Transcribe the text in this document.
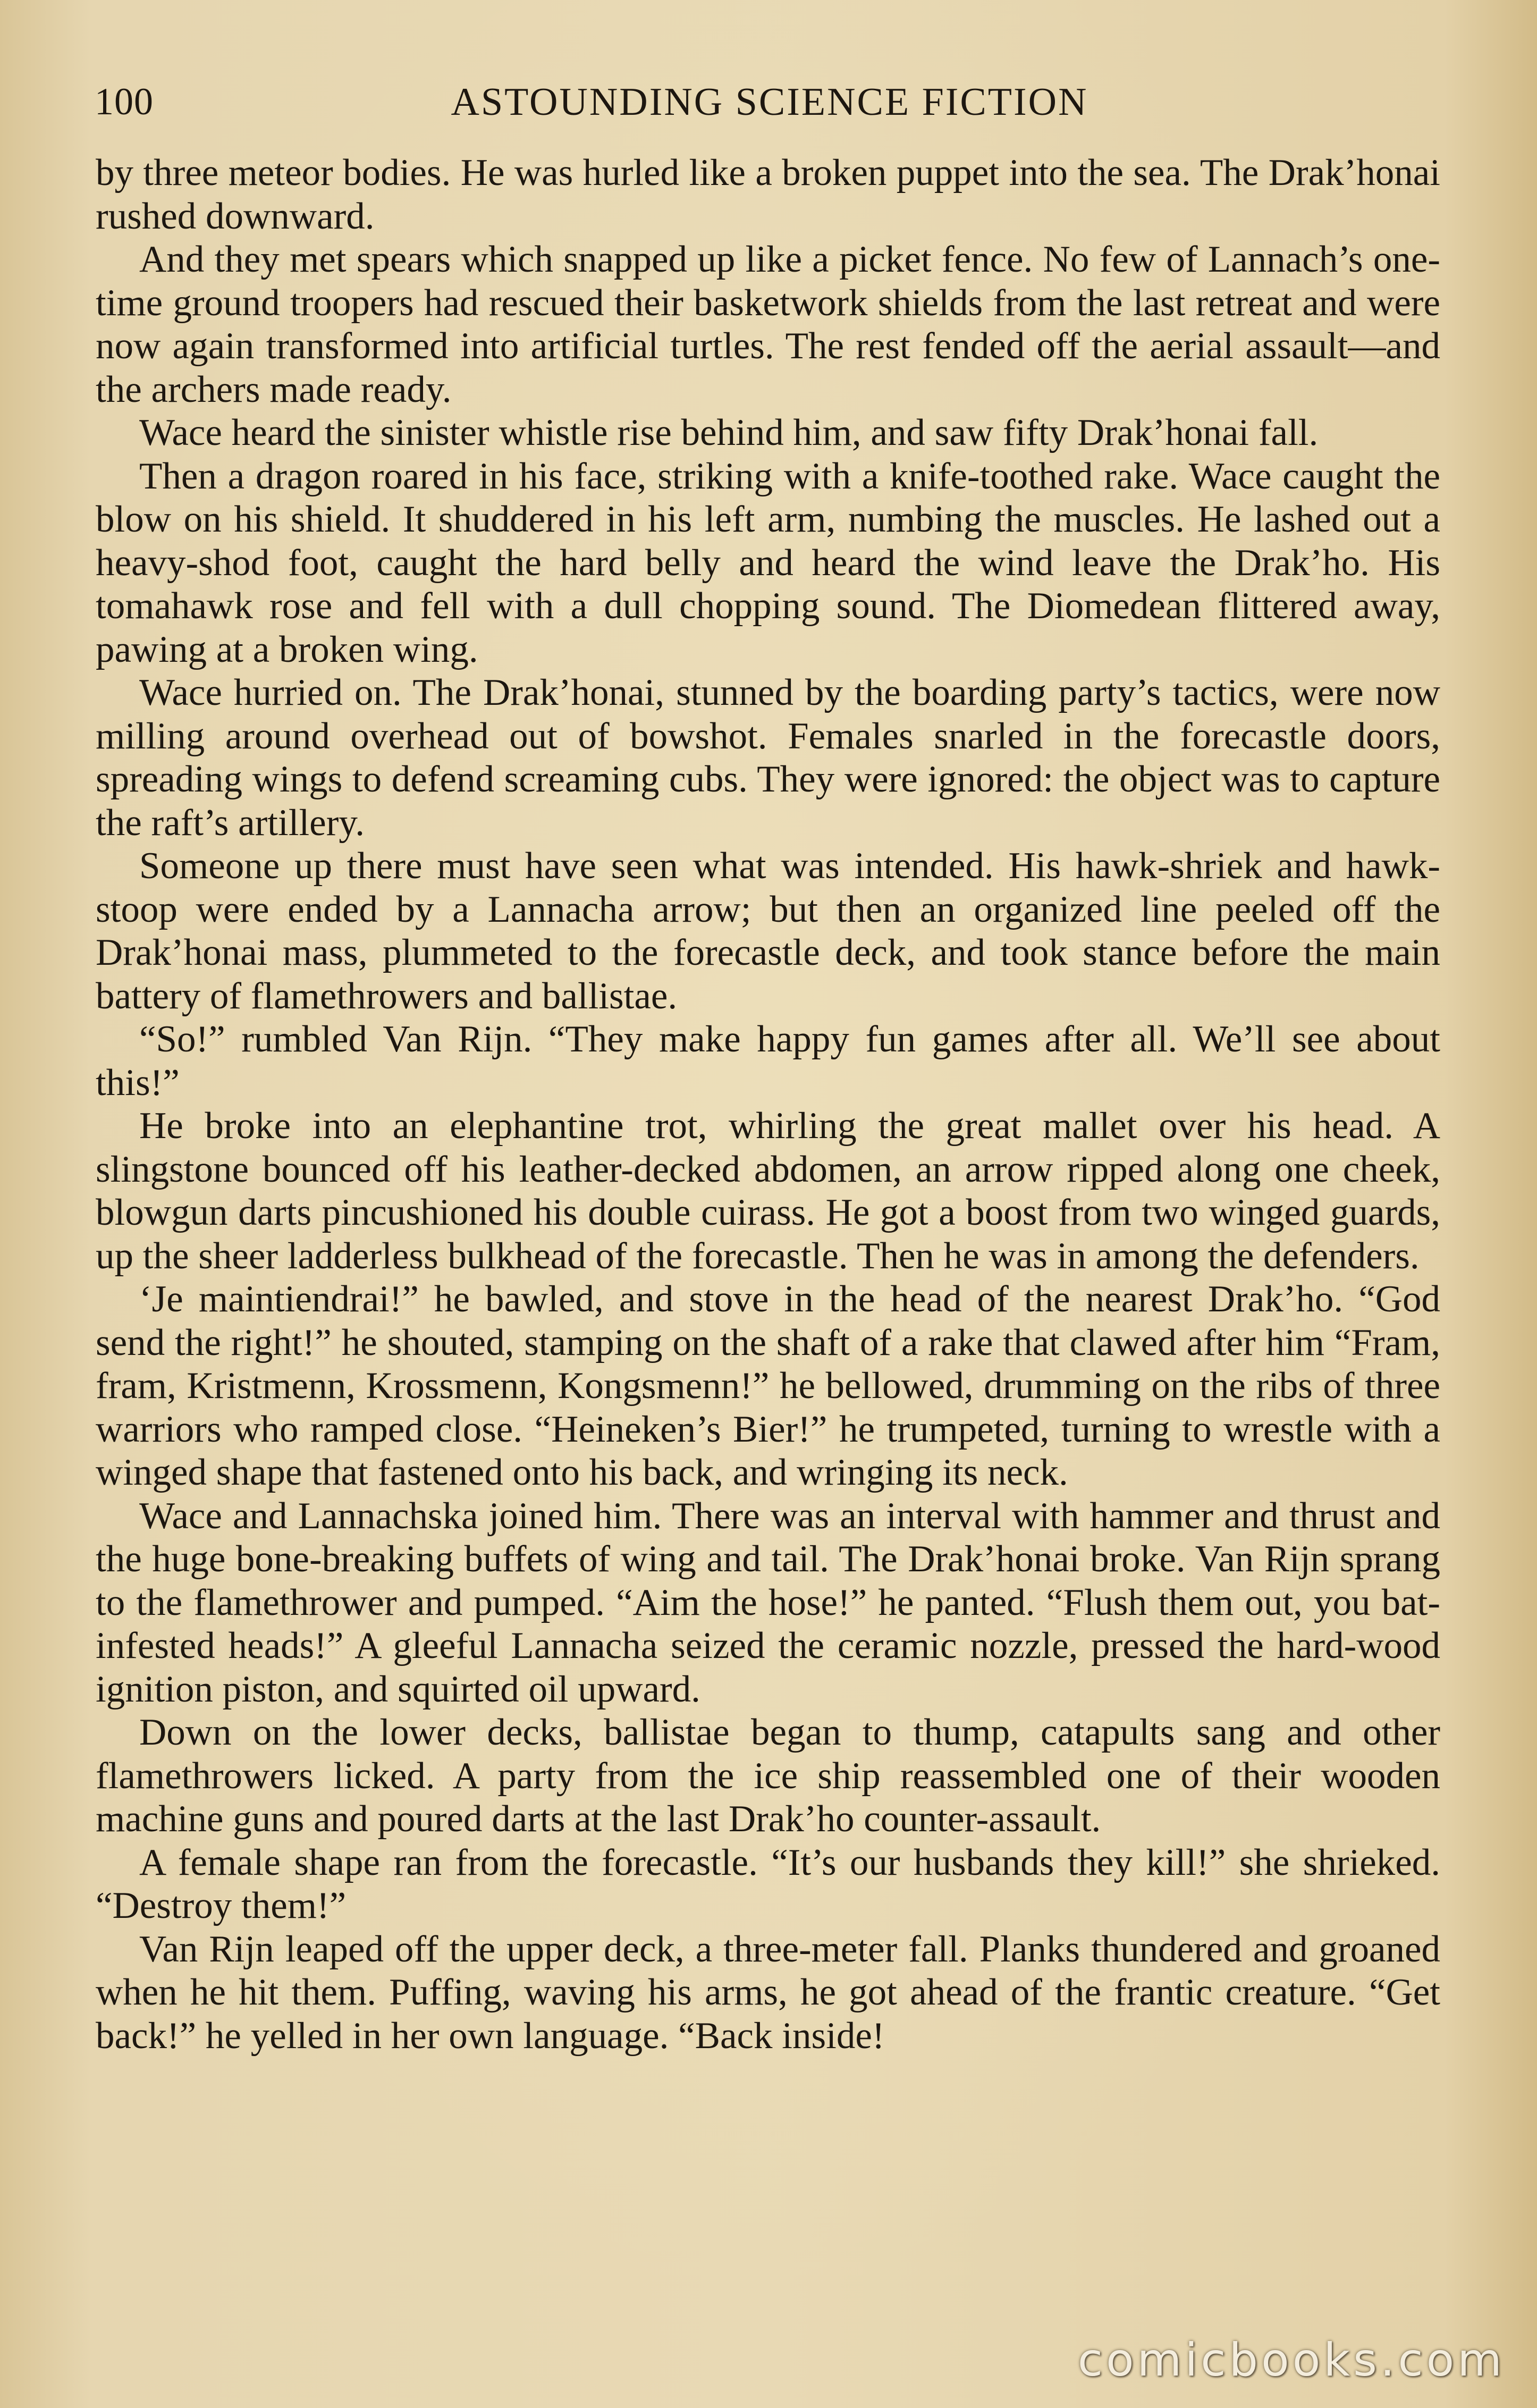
100	ASTOUNDING SCIENCE FICTION

by three meteor bodies. He was hurled like a broken puppet into the sea. The Drak’honai rushed downward.

And they met spears which snapped up like a picket fence. No few of Lannach’s one-time ground troopers had rescued their basketwork shields from the last retreat and were now again transformed into artificial turtles. The rest fended off the aerial assault—and the archers made ready.

Wace heard the sinister whistle rise behind him, and saw fifty Drak’honai fall.

Then a dragon roared in his face, striking with a knife-toothed rake. Wace caught the blow on his shield. It shuddered in his left arm, numbing the muscles. He lashed out a heavy-shod foot, caught the hard belly and heard the wind leave the Drak’ho. His tomahawk rose and fell with a dull chopping sound. The Diomedean flittered away, pawing at a broken wing.

Wace hurried on. The Drak’honai, stunned by the boarding party’s tactics, were now milling around overhead out of bowshot. Females snarled in the forecastle doors, spreading wings to defend screaming cubs. They were ignored: the object was to capture the raft’s artillery.

Someone up there must have seen what was intended. His hawk-shriek and hawk-stoop were ended by a Lannacha arrow; but then an organized line peeled off the Drak’honai mass, plummeted to the forecastle deck, and took stance before the main battery of flamethrowers and ballistae.

“So!” rumbled Van Rijn. “They make happy fun games after all. We’ll see about this!”

He broke into an elephantine trot, whirling the great mallet over his head. A slingstone bounced off his leather-decked abdomen, an arrow ripped along one cheek, blowgun darts pincushioned his double cuirass. He got a boost from two winged guards, up the sheer ladderless bulkhead of the forecastle. Then he was in among the defenders.

‘Je maintiendrai!” he bawled, and stove in the head of the nearest Drak’ho. “God send the right!” he shouted, stamping on the shaft of a rake that clawed after him “Fram, fram, Kristmenn, Krossmenn, Kongsmenn!” he bellowed, drumming on the ribs of three warriors who ramped close. “Heineken’s Bier!” he trumpeted, turning to wrestle with a winged shape that fastened onto his back, and wringing its neck.

Wace and Lannachska joined him. There was an interval with hammer and thrust and the huge bone-breaking buffets of wing and tail. The Drak’honai broke. Van Rijn sprang to the flamethrower and pumped. “Aim the hose!” he panted. “Flush them out, you bat-infested heads!” A gleeful Lannacha seized the ceramic nozzle, pressed the hard-wood ignition piston, and squirted oil upward.

Down on the lower decks, ballistae began to thump, catapults sang and other flamethrowers licked. A party from the ice ship reassembled one of their wooden machine guns and poured darts at the last Drak’ho counter-assault.

A female shape ran from the forecastle. “It’s our husbands they kill!” she shrieked. “Destroy them!”

Van Rijn leaped off the upper deck, a three-meter fall. Planks thundered and groaned when he hit them. Puffing, waving his arms, he got ahead of the frantic creature. “Get back!” he yelled in her own language. “Back inside!

comicbooks.com
